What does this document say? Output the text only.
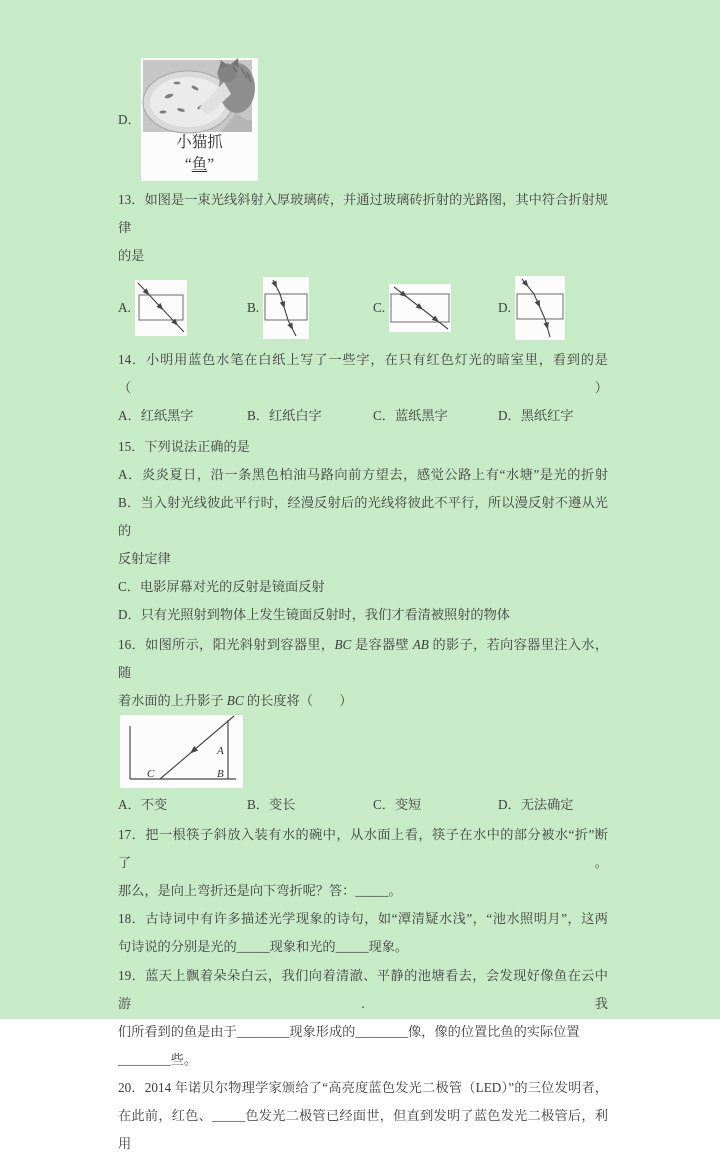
D．
小猫抓
“鱼”
13．如图是一束光线斜射入厚玻璃砖，并通过玻璃砖折射的光路图，其中符合折射规律
的是
A.	B.	C.	D.
14．小明用蓝色水笔在白纸上写了一些字，在只有红色灯光的暗室里，看到的是（　　）
A．红纸黑字	B．红纸白字	C．蓝纸黑字	D．黑纸红字
15．下列说法正确的是
A．炎炎夏日，沿一条黑色柏油马路向前方望去，感觉公路上有“水塘”是光的折射
B．当入射光线彼此平行时，经漫反射后的光线将彼此不平行，所以漫反射不遵从光的
反射定律
C．电影屏幕对光的反射是镜面反射
D．只有光照射到物体上发生镜面反射时，我们才看清被照射的物体
16．如图所示，阳光斜射到容器里，BC 是容器壁 AB 的影子，若向容器里注入水，随
着水面的上升影子 BC 的长度将（　　）
A
B
C
A．不变	B．变长	C．变短	D．无法确定
17．把一根筷子斜放入装有水的碗中，从水面上看，筷子在水中的部分被水“折”断了。
那么，是向上弯折还是向下弯折呢？答：_____。
18．古诗词中有许多描述光学现象的诗句，如“潭清疑水浅”，“池水照明月”，这两
句诗说的分别是光的_____现象和光的_____现象。
19．蓝天上飘着朵朵白云，我们向着清澈、平静的池塘看去，会发现好像鱼在云中游.我
们所看到的鱼是由于________现象形成的________像，像的位置比鱼的实际位置
________些。
20．2014 年诺贝尔物理学家颁给了“高亮度蓝色发光二极管（LED）”的三位发明者，
在此前，红色、_____色发光二极管已经面世，但直到发明了蓝色发光二极管后，利用
